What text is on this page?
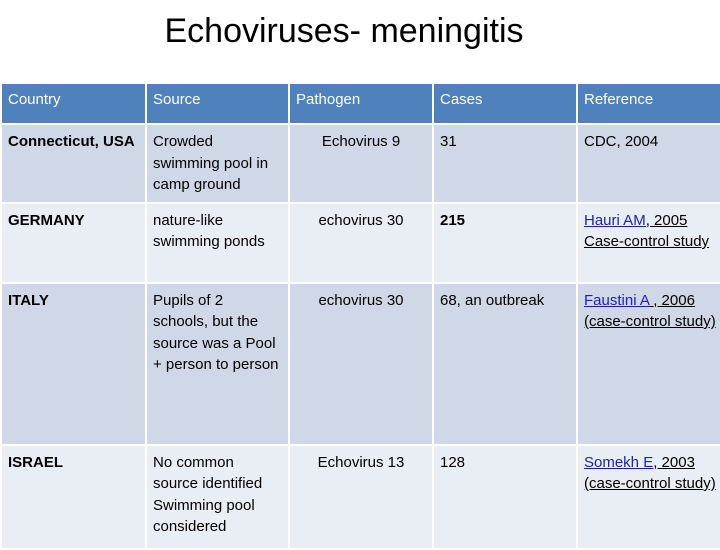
Echoviruses- meningitis
Country	Source	Pathogen	Cases	Reference
Connecticut, USA	Crowded swimming pool in camp ground	Echovirus 9	31	CDC, 2004
GERMANY	nature-like swimming ponds	echovirus 30	215	Hauri AM, 2005 Case-control study
ITALY	Pupils of 2 schools, but the source was a Pool + person to person	echovirus 30	68, an outbreak	Faustini A , 2006 (case-control study)
ISRAEL	No common source identified Swimming pool considered	Echovirus 13	128	Somekh E, 2003 (case-control study)
